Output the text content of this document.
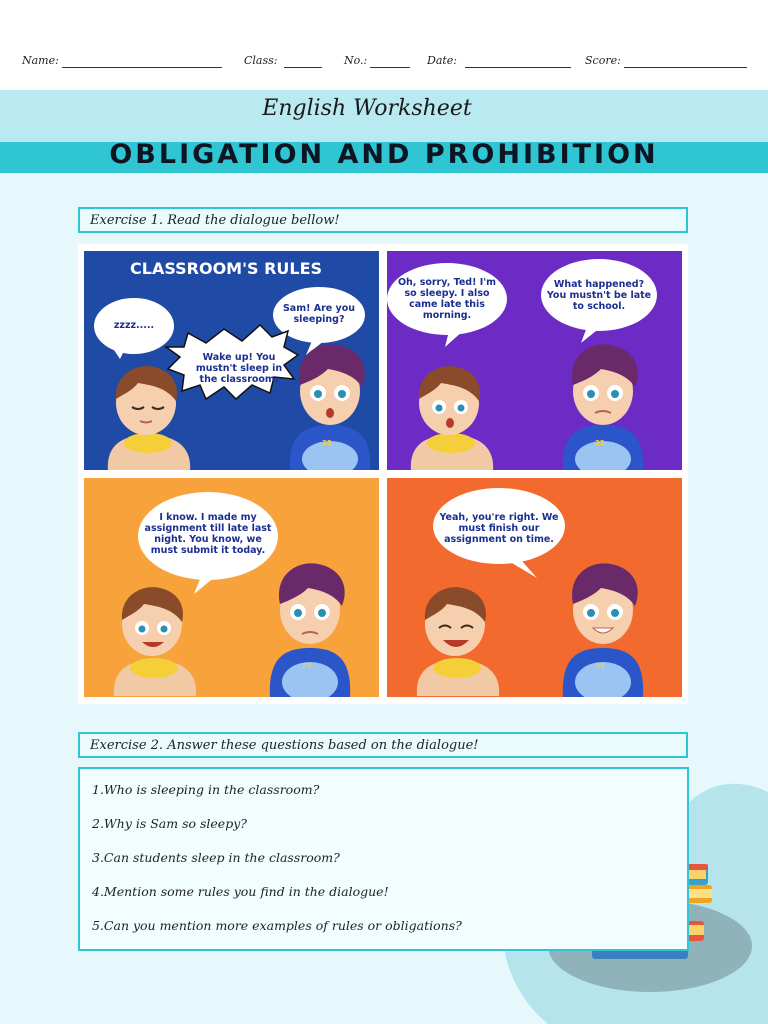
Name:	Class:	No.:	Date:	Score:
English Worksheet
OBLIGATION AND PROHIBITION
Exercise 1. Read the dialogue bellow!
CLASSROOM'S RULES
zzzz.....
Sam! Are you sleeping?
Wake up! You mustn't sleep in the classroom.
23
Oh, sorry, Ted! I'm so sleepy. I also came late this morning.
What happened? You mustn't be late to school.
23
I know. I made my assignment till late last night. You know, we must submit it today.
23
Yeah, you're right. We must finish our assignment on time.
23
Exercise 2. Answer these questions based on the dialogue!
1.Who is sleeping in the classroom?
2.Why is Sam so sleepy?
3.Can students sleep in the classroom?
4.Mention some rules you find in the dialogue!
5.Can you mention more examples of rules or obligations?
